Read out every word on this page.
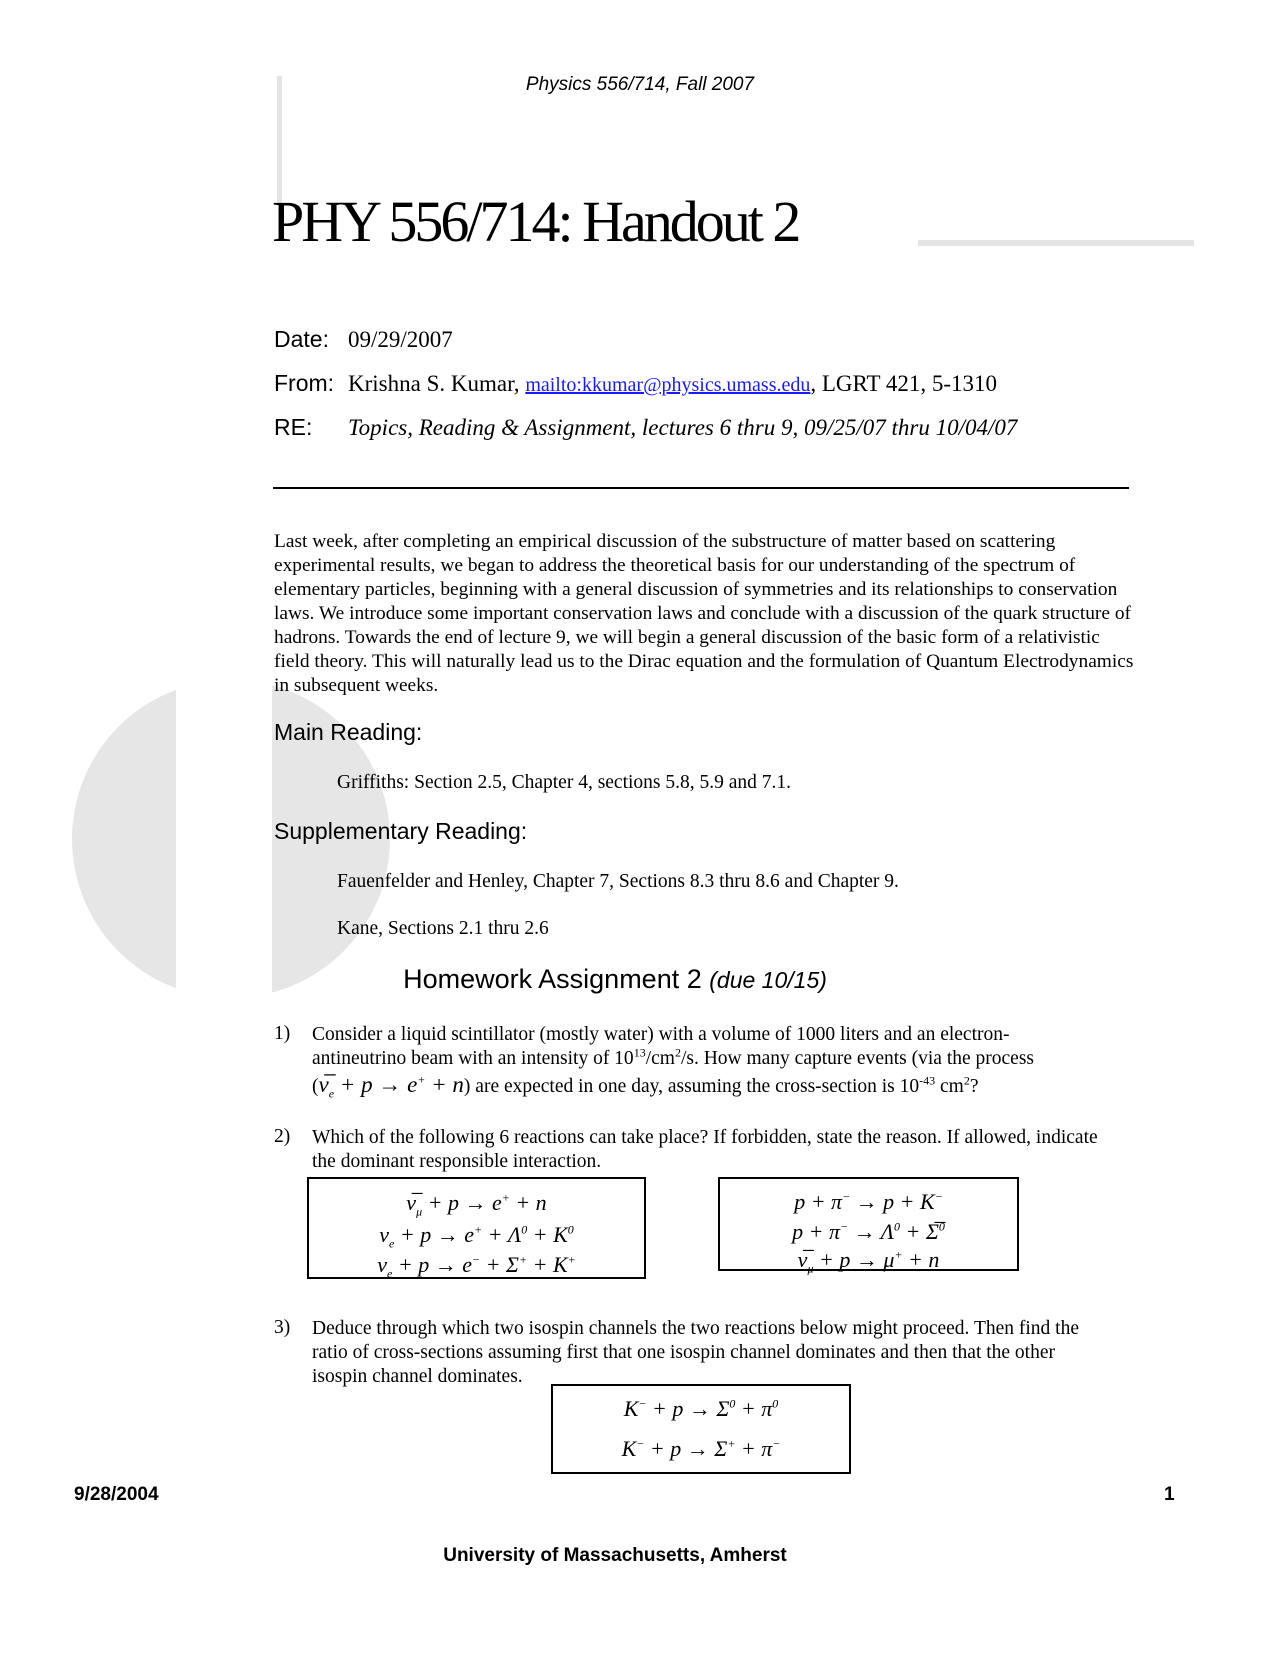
Physics 556/714, Fall 2007
PHY 556/714: Handout 2
Date: 09/29/2007
From: Krishna S. Kumar, mailto:kkumar@physics.umass.edu, LGRT 421, 5-1310
RE: Topics, Reading & Assignment, lectures 6 thru 9, 09/25/07 thru 10/04/07
Last week, after completing an empirical discussion of the substructure of matter based on scattering experimental results, we began to address the theoretical basis for our understanding of the spectrum of elementary particles, beginning with a general discussion of symmetries and its relationships to conservation laws. We introduce some important conservation laws and conclude with a discussion of the quark structure of hadrons. Towards the end of lecture 9, we will begin a general discussion of the basic form of a relativistic field theory. This will naturally lead us to the Dirac equation and the formulation of Quantum Electrodynamics in subsequent weeks.
Main Reading:
Griffiths: Section 2.5, Chapter 4, sections 5.8, 5.9 and 7.1.
Supplementary Reading:
Fauenfelder and Henley, Chapter 7, Sections 8.3 thru 8.6 and Chapter 9.
Kane, Sections 2.1 thru 2.6
Homework Assignment 2 (due 10/15)
1) Consider a liquid scintillator (mostly water) with a volume of 1000 liters and an electron-
antineutrino beam with an intensity of $10^{13}/cm^2/s$. How many capture events (via the process
$(\nu̅_e + p \to e^+ + n)$ are expected in one day, assuming the cross-section is $10^{-43}$ $cm^2$?
2) Which of the following 6 reactions can take place? If forbidden, state the reason. If allowed, indicate the dominant responsible interaction.
$\nu̅_\mu + p \to e^+ + n$
$\nu_e + p \to e^+ + \Lambda^0 + K^0$
$\nu_e + p \to e^- + \Sigma^+ + K^+$
p + π− → p + K−
$p + \pi^- \to \Lambda^0$ + Σ̅$^0$
$\nu̅_\mu + p \to \mu^+ + n$
3) Deduce through which two isospin channels the two reactions below might proceed. Then find the ratio of cross-sections assuming first that one isospin channel dominates and then that the other isospin channel dominates.
$K^- + p \to \Sigma^0 + \pi^0$
K− + p → Σ+ + π−
9/28/2004	1
University of Massachusetts, Amherst
